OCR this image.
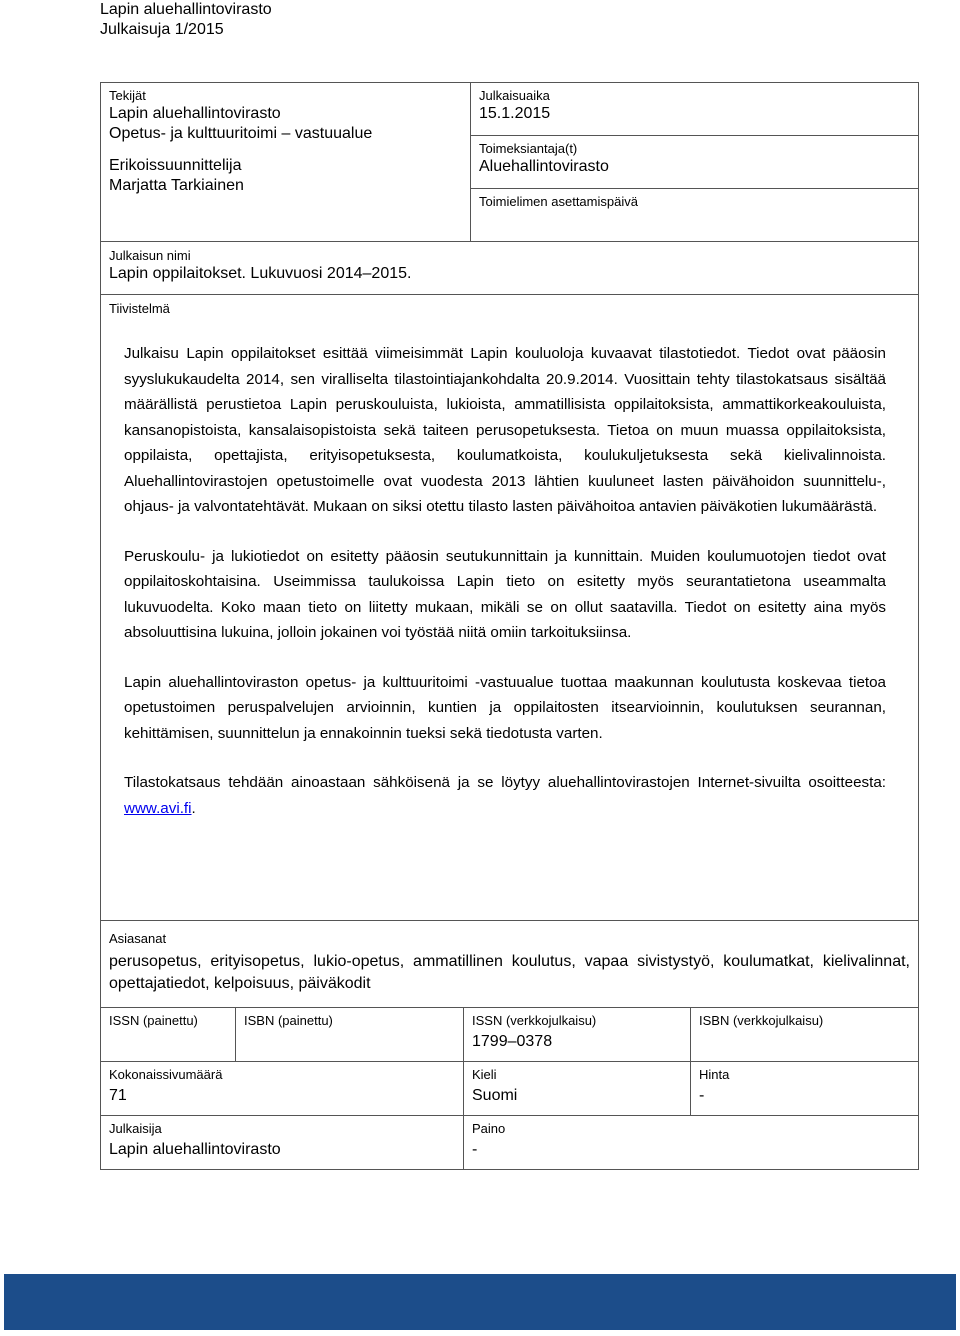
Lapin aluehallintovirasto
Julkaisuja 1/2015
Tekijät
Lapin aluehallintovirasto
Opetus- ja kulttuuritoimi – vastuualue
Erikoissuunnittelija
Marjatta Tarkiainen
Julkaisuaika
15.1.2015
Toimeksiantaja(t)
Aluehallintovirasto
Toimielimen asettamispäivä
Julkaisun nimi
Lapin oppilaitokset. Lukuvuosi 2014–2015.
Tiivistelmä

Julkaisu Lapin oppilaitokset esittää viimeisimmät Lapin kouluoloja kuvaavat tilastotiedot. Tiedot ovat pääosin syyslukukaudelta 2014, sen viralliselta tilastointiajankohdalta 20.9.2014. Vuosittain tehty tilastokatsaus sisältää määrällistä perustietoa Lapin peruskouluista, lukioista, ammatillisista oppilaitoksista, ammattikorkeakouluista, kansanopistoista, kansalaisopistoista sekä taiteen perusopetuksesta. Tietoa on muun muassa oppilaitoksista, oppilaista, opettajista, erityisopetuksesta, koulumatkoista, koulukuljetuksesta sekä kielivalinnoista. Aluehallintovirastojen opetustoimelle ovat vuodesta 2013 lähtien kuuluneet lasten päivähoidon suunnittelu-, ohjaus- ja valvontatehtävät. Mukaan on siksi otettu tilasto lasten päivähoitoa antavien päiväkotien lukumäärästä.

Peruskoulu- ja lukiotiedot on esitetty pääosin seutukunnittain ja kunnittain. Muiden koulumuotojen tiedot ovat oppilaitoskohtaisina. Useimmissa taulukoissa Lapin tieto on esitetty myös seurantatietona useammalta lukuvuodelta. Koko maan tieto on liitetty mukaan, mikäli se on ollut saatavilla. Tiedot on esitetty aina myös absoluuttisina lukuina, jolloin jokainen voi työstää niitä omiin tarkoituksiinsa.

Lapin aluehallintoviraston opetus- ja kulttuuritoimi -vastuualue tuottaa maakunnan koulutusta koskevaa tietoa opetustoimen peruspalvelujen arvioinnin, kuntien ja oppilaitosten itsearvioinnin, koulutuksen seurannan, kehittämisen, suunnittelun ja ennakoinnin tueksi sekä tiedotusta varten.

Tilastokatsaus tehdään ainoastaan sähköisenä ja se löytyy aluehallintovirastojen Internet-sivuilta osoitteesta: www.avi.fi.

Asiasanat
perusopetus, erityisopetus, lukio-opetus, ammatillinen koulutus, vapaa sivistystyö, koulumatkat, kielivalinnat, opettajatiedot, kelpoisuus, päiväkodit
ISSN (painettu)	ISBN (painettu)	ISSN (verkkojulkaisu)
1799–0378
ISBN (verkkojulkaisu)
Kokonaissivumäärä
71
Kieli
Suomi
Hinta
-
Julkaisija
Lapin aluehallintovirasto
Paino
-
